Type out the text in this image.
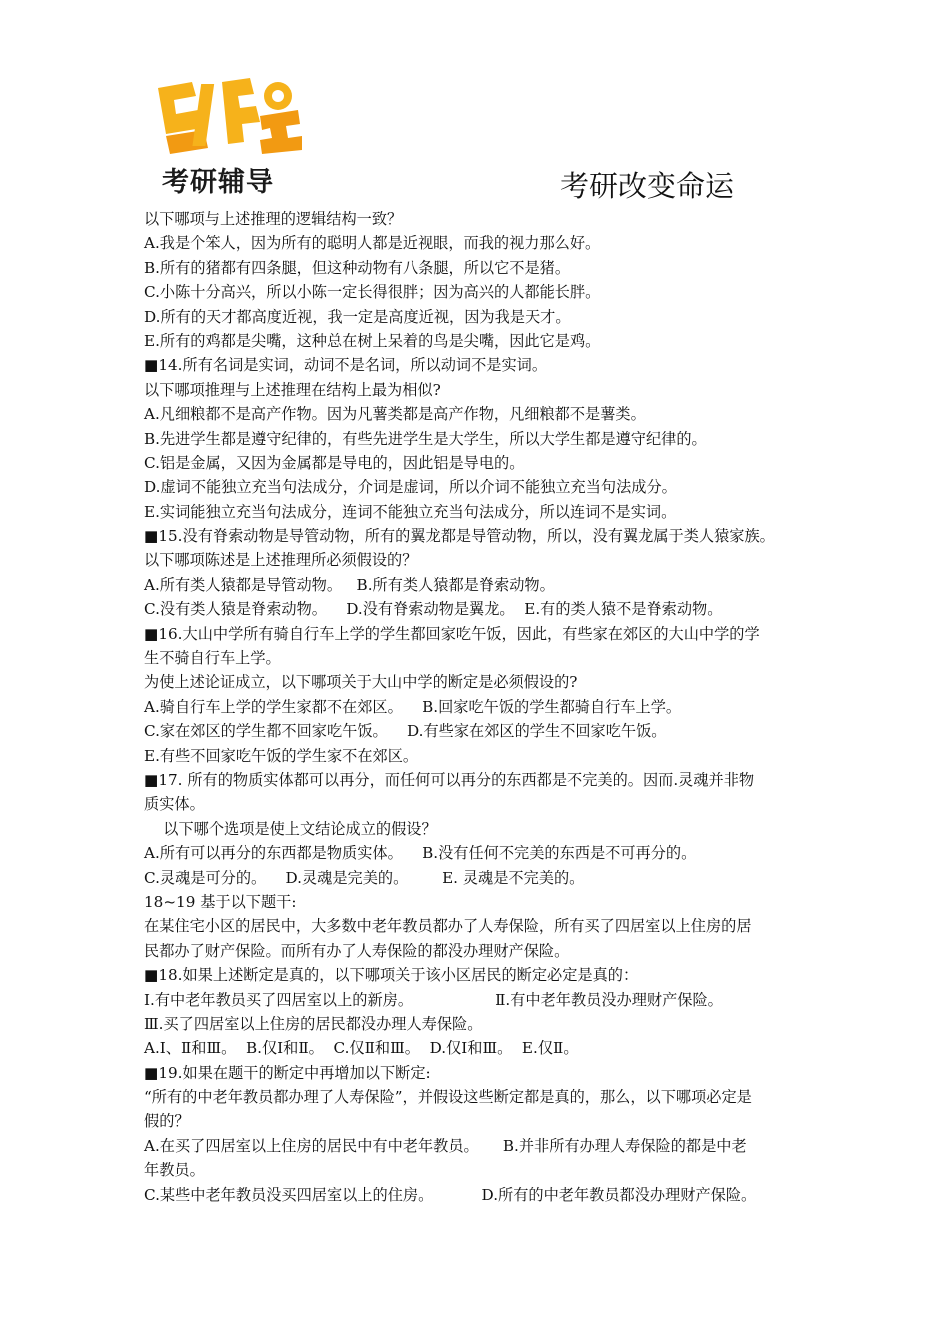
考研辅导	考研改变命运
以下哪项与上述推理的逻辑结构一致？
A.我是个笨人，因为所有的聪明人都是近视眼，而我的视力那么好。
B.所有的猪都有四条腿，但这种动物有八条腿，所以它不是猪。
C.小陈十分高兴，所以小陈一定长得很胖；因为高兴的人都能长胖。
D.所有的天才都高度近视，我一定是高度近视，因为我是天才。
E.所有的鸡都是尖嘴，这种总在树上呆着的鸟是尖嘴，因此它是鸡。
■14.所有名词是实词，动词不是名词，所以动词不是实词。
以下哪项推理与上述推理在结构上最为相似?
A.凡细粮都不是高产作物。因为凡薯类都是高产作物，凡细粮都不是薯类。
B.先进学生都是遵守纪律的，有些先进学生是大学生，所以大学生都是遵守纪律的。
C.铝是金属，又因为金属都是导电的，因此铝是导电的。
D.虚词不能独立充当句法成分，介词是虚词，所以介词不能独立充当句法成分。
E.实词能独立充当句法成分，连词不能独立充当句法成分，所以连词不是实词。
■15.没有脊索动物是导管动物，所有的翼龙都是导管动物，所以，没有翼龙属于类人猿家族。
以下哪项陈述是上述推理所必须假设的？
A.所有类人猿都是导管动物。   B.所有类人猿都是脊索动物。
C.没有类人猿是脊索动物。    D.没有脊索动物是翼龙。  E.有的类人猿不是脊索动物。
■16.大山中学所有骑自行车上学的学生都回家吃午饭，因此，有些家在郊区的大山中学的学
生不骑自行车上学。
为使上述论证成立，以下哪项关于大山中学的断定是必须假设的?
A.骑自行车上学的学生家都不在郊区。    B.回家吃午饭的学生都骑自行车上学。
C.家在郊区的学生都不回家吃午饭。    D.有些家在郊区的学生不回家吃午饭。
E.有些不回家吃午饭的学生家不在郊区。
■17. 所有的物质实体都可以再分，而任何可以再分的东西都是不完美的。因而.灵魂并非物
质实体。
以下哪个选项是使上文结论成立的假设？
A.所有可以再分的东西都是物质实体。    B.没有任何不完美的东西是不可再分的。
C.灵魂是可分的。    D.灵魂是完美的。       E. 灵魂是不完美的。
18~19 基于以下题干:
在某住宅小区的居民中，大多数中老年教员都办了人寿保险，所有买了四居室以上住房的居
民都办了财产保险。而所有办了人寿保险的都没办理财产保险。
■18.如果上述断定是真的，以下哪项关于该小区居民的断定必定是真的：
Ⅰ.有中老年教员买了四居室以上的新房。                 Ⅱ.有中老年教员没办理财产保险。
Ⅲ.买了四居室以上住房的居民都没办理人寿保险。
A.Ⅰ、Ⅱ和Ⅲ。  B.仅Ⅰ和Ⅱ。  C.仅Ⅱ和Ⅲ。  D.仅Ⅰ和Ⅲ。  E.仅Ⅱ。
■19.如果在题干的断定中再增加以下断定:
“所有的中老年教员都办理了人寿保险”，并假设这些断定都是真的，那么，以下哪项必定是
假的？
A.在买了四居室以上住房的居民中有中老年教员。     B.并非所有办理人寿保险的都是中老
年教员。
C.某些中老年教员没买四居室以上的住房。          D.所有的中老年教员都没办理财产保险。
